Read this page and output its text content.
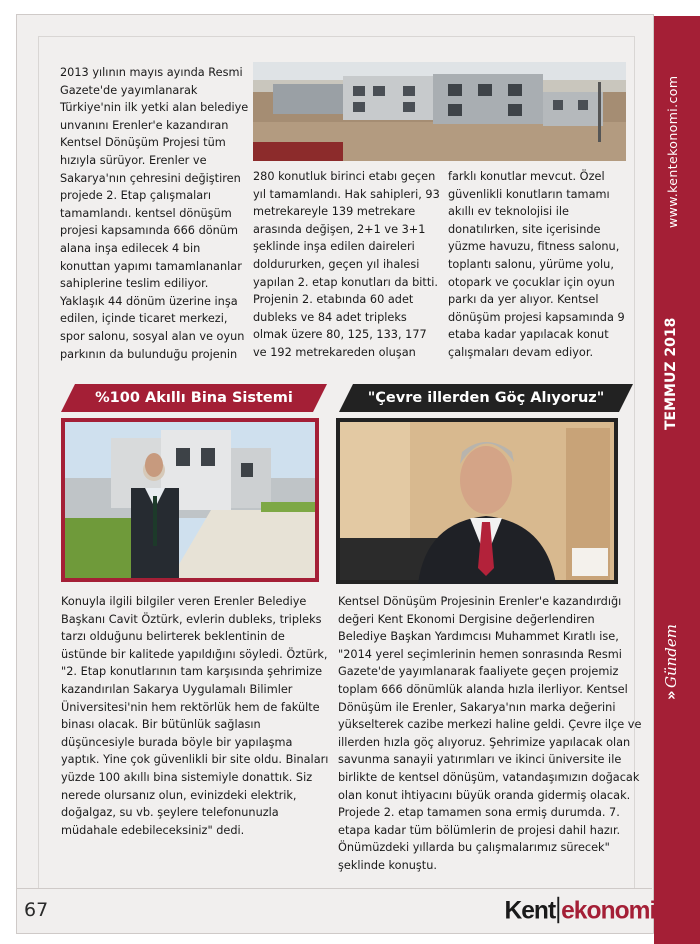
www.kentekonomi.com
TEMMUZ 2018
»
Gündem
2013 yılının mayıs ayında Resmi
Gazete'de yayımlanarak
Türkiye'nin ilk yetki alan belediye
unvanını Erenler'e kazandıran
Kentsel Dönüşüm Projesi tüm
hızıyla sürüyor. Erenler ve
Sakarya'nın çehresini değiştiren
projede 2. Etap çalışmaları
tamamlandı. kentsel dönüşüm
projesi kapsamında 666 dönüm
alana inşa edilecek 4 bin
konuttan yapımı tamamlananlar
sahiplerine teslim ediliyor.
Yaklaşık 44 dönüm üzerine inşa
edilen, içinde ticaret merkezi,
spor salonu, sosyal alan ve oyun
parkının da bulunduğu projenin
280 konutluk birinci etabı geçen
yıl tamamlandı. Hak sahipleri, 93
metrekareyle 139 metrekare
arasında değişen, 2+1 ve 3+1
şeklinde inşa edilen daireleri
doldururken, geçen yıl ihalesi
yapılan 2. etap konutları da bitti.
Projenin 2. etabında 60 adet
dubleks ve 84 adet tripleks
olmak üzere 80, 125, 133, 177
ve 192 metrekareden oluşan
farklı konutlar mevcut. Özel
güvenlikli konutların tamamı
akıllı ev teknolojisi ile
donatılırken, site içerisinde
yüzme havuzu, fitness salonu,
toplantı salonu, yürüme yolu,
otopark ve çocuklar için oyun
parkı da yer alıyor. Kentsel
dönüşüm projesi kapsamında 9
etaba kadar yapılacak konut
çalışmaları devam ediyor.
%100 Akıllı Bina Sistemi	"Çevre illerden Göç Alıyoruz"
Konuyla ilgili bilgiler veren Erenler Belediye
Başkanı Cavit Öztürk, evlerin dubleks, tripleks
tarzı olduğunu belirterek beklentinin de
üstünde bir kalitede yapıldığını söyledi. Öztürk,
"2. Etap konutlarının tam karşısında şehrimize
kazandırılan Sakarya Uygulamalı Bilimler
Üniversitesi'nin hem rektörlük hem de fakülte
binası olacak. Bir bütünlük sağlasın
düşüncesiyle burada böyle bir yapılaşma
yaptık. Yine çok güvenlikli bir site oldu. Binaları
yüzde 100 akıllı bina sistemiyle donattık. Siz
nerede olursanız olun, evinizdeki elektrik,
doğalgaz, su vb. şeylere telefonunuzla
müdahale edebileceksiniz" dedi.
Kentsel Dönüşüm Projesinin Erenler'e kazandırdığı
değeri Kent Ekonomi Dergisine değerlendiren
Belediye Başkan Yardımcısı Muhammet Kıratlı ise,
"2014 yerel seçimlerinin hemen sonrasında Resmi
Gazete'de yayımlanarak faaliyete geçen projemiz
toplam 666 dönümlük alanda hızla ilerliyor. Kentsel
Dönüşüm ile Erenler, Sakarya'nın marka değerini
yükselterek cazibe merkezi haline geldi. Çevre ilçe ve
illerden hızla göç alıyoruz. Şehrimize yapılacak olan
savunma sanayii yatırımları ve ikinci üniversite ile
birlikte de kentsel dönüşüm, vatandaşımızın doğacak
olan konut ihtiyacını büyük oranda gidermiş olacak.
Projede 2. etap tamamen sona ermiş durumda. 7.
etapa kadar tüm bölümlerin de projesi dahil hazır.
Önümüzdeki yıllarda bu çalışmalarımız sürecek"
şeklinde konuştu.
67	Kent ekonomi
